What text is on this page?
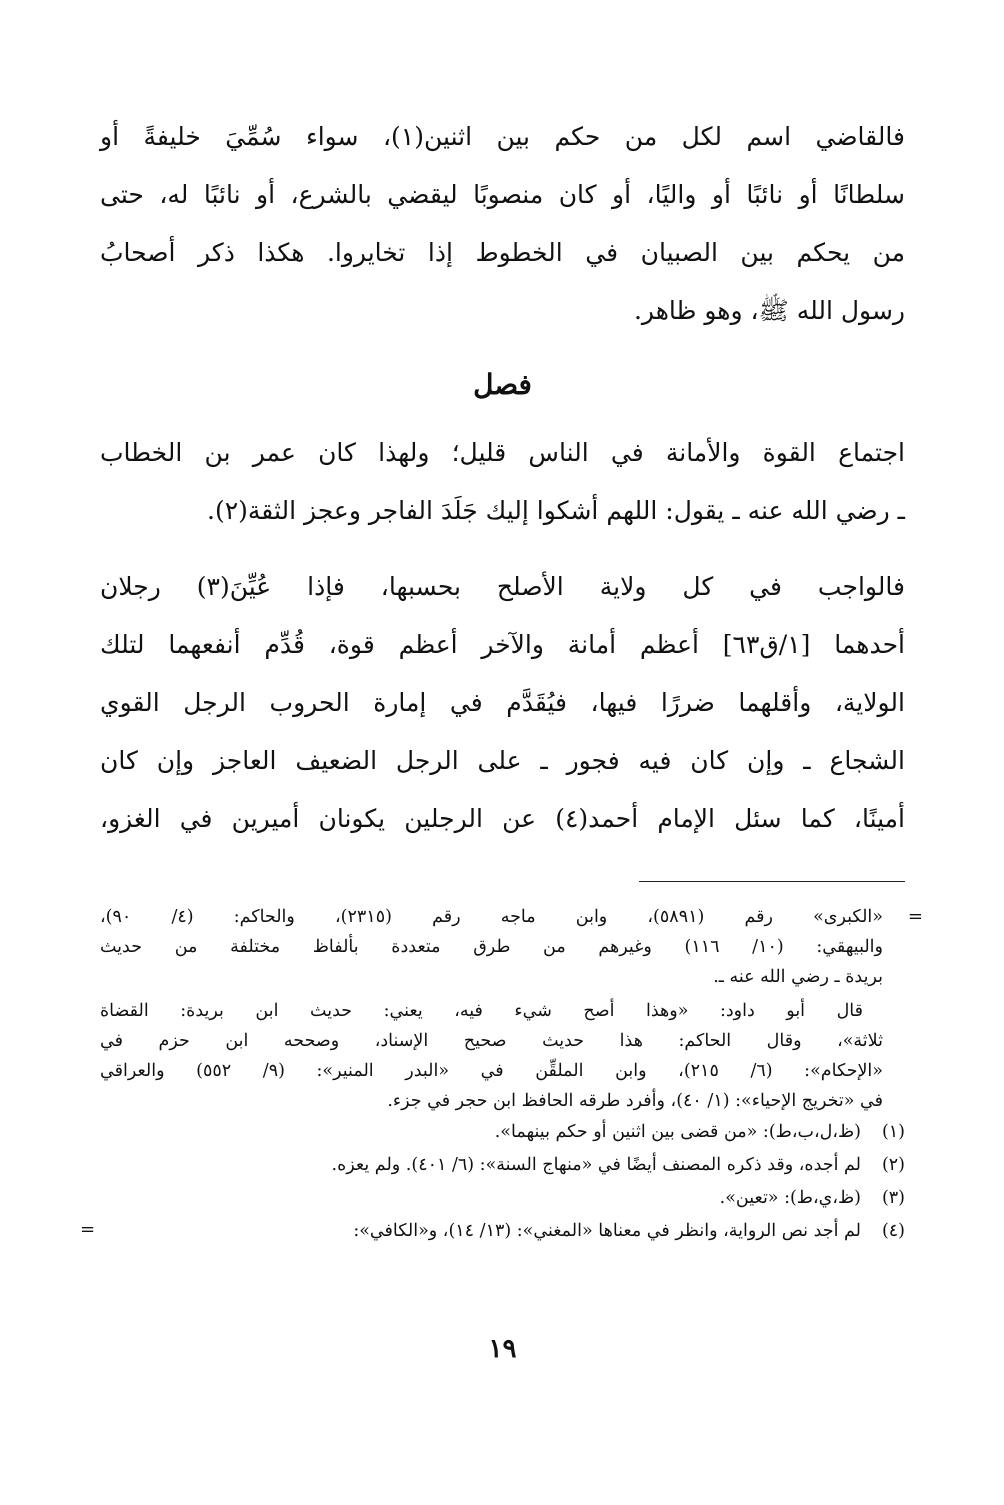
فالقاضي اسم لكل من حكم بين اثنين(١)، سواء سُمِّيَ خليفةً أو
سلطانًا أو نائبًا أو واليًا، أو كان منصوبًا ليقضي بالشرع، أو نائبًا له، حتى
من يحكم بين الصبيان في الخطوط إذا تخايروا. هكذا ذكر أصحابُ
رسول الله ﷺ، وهو ظاهر.
فصل
اجتماع القوة والأمانة في الناس قليل؛ ولهذا كان عمر بن الخطاب
ـ رضي الله عنه ـ يقول: اللهم أشكوا إليك جَلَدَ الفاجر وعجز الثقة(٢).
فالواجب في كل ولاية الأصلح بحسبها، فإذا عُيِّنَ(٣) رجلان
أحدهما [١/ق٦٣] أعظم أمانة والآخر أعظم قوة، قُدِّم أنفعهما لتلك
الولاية، وأقلهما ضررًا فيها، فيُقَدَّم في إمارة الحروب الرجل القوي
الشجاع ـ وإن كان فيه فجور ـ على الرجل الضعيف العاجز وإن كان
أمينًا، كما سئل الإمام أحمد(٤) عن الرجلين يكونان أميرين في الغزو،
=
«الكبرى» رقم (٥٨٩١)، وابن ماجه رقم (٢٣١٥)، والحاكم: (٤/ ٩٠)،
والبيهقي: (١٠/ ١١٦) وغيرهم من طرق متعددة بألفاظ مختلفة من حديث
بريدة ـ رضي الله عنه ـ.
قال أبو داود: «وهذا أصح شيء فيه، يعني: حديث ابن بريدة: القضاة
ثلاثة»، وقال الحاكم: هذا حديث صحيح الإسناد، وصححه ابن حزم في
«الإحكام»: (٦/ ٢١٥)، وابن الملقِّن في «البدر المنير»: (٩/ ٥٥٢) والعراقي
في «تخريج الإحياء»: (١/ ٤٠)، وأفرد طرقه الحافظ ابن حجر في جزء.
(١)
(ظ،ل،ب،ط): «من قضى بين اثنين أو حكم بينهما».
(٢)
لم أجده، وقد ذكره المصنف أيضًا في «منهاج السنة»: (٦/ ٤٠١). ولم يعزه.
(٣)
(ظ،ي،ط): «تعين».
(٤)
لم أجد نص الرواية، وانظر في معناها «المغني»: (١٣/ ١٤)، و«الكافي»:
=
١٩
